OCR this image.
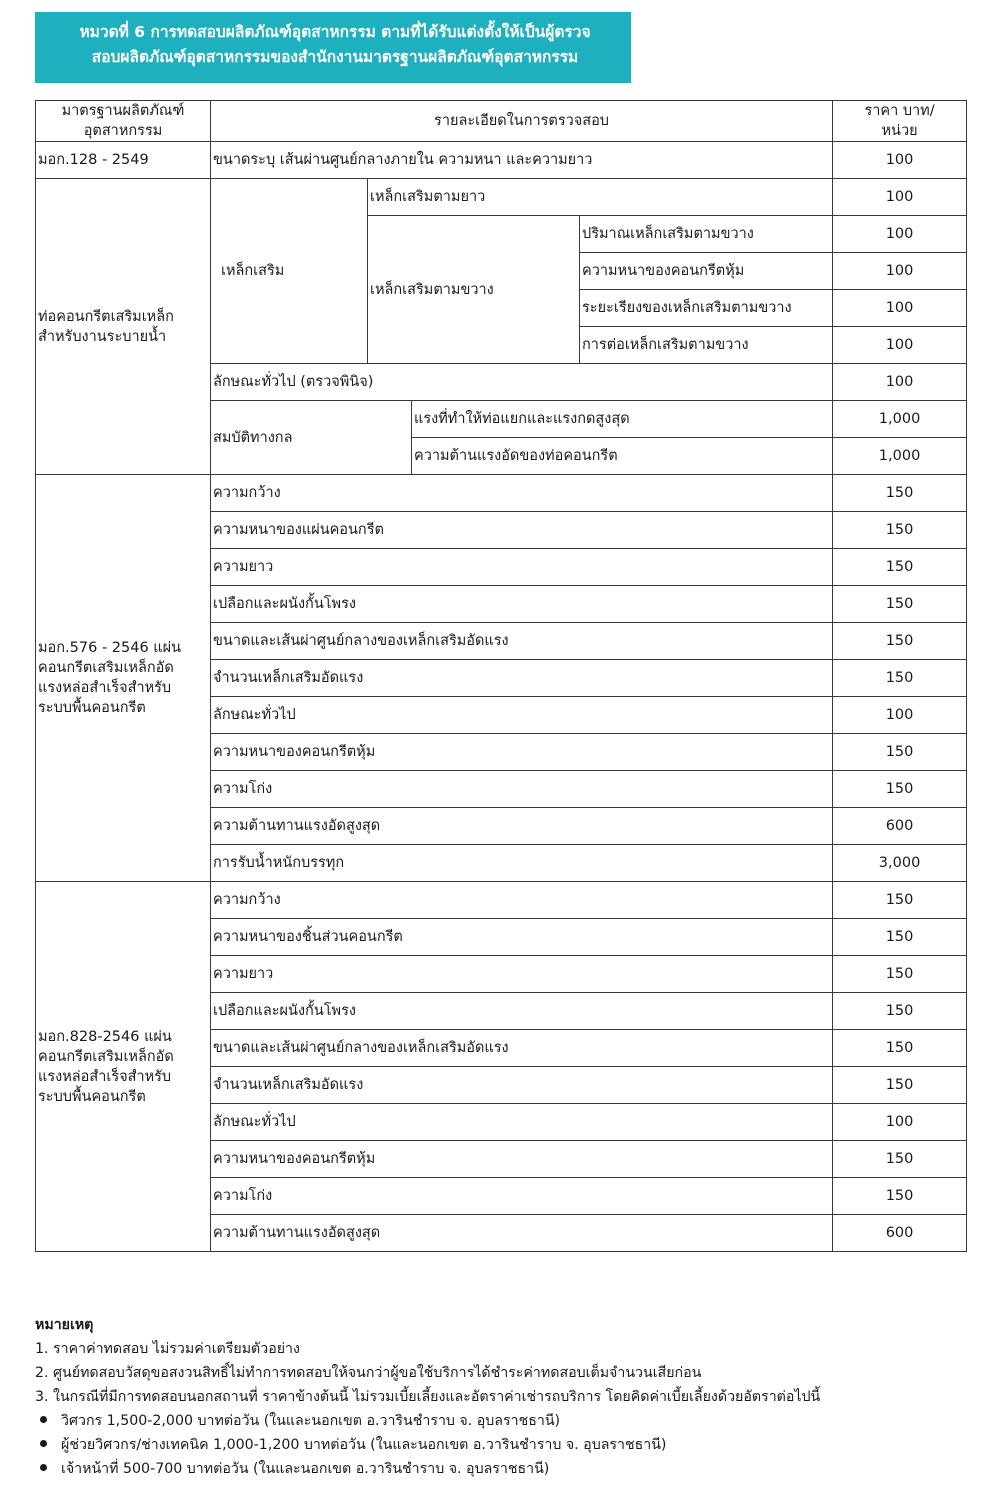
หมวดที่ 6 การทดสอบผลิตภัณฑ์อุตสาหกรรม ตามที่ได้รับแต่งตั้งให้เป็นผู้ตรวจ
สอบผลิตภัณฑ์อุตสาหกรรมของสำนักงานมาตรฐานผลิตภัณฑ์อุตสาหกรรม
มาตรฐานผลิตภัณฑ์ อุตสาหกรรม	รายละเอียดในการตรวจสอบ				ราคา บาท/หน่วย
มอก.128 - 2549	ขนาดระบุ เส้นผ่านศูนย์กลางภายใน ความหนา และความยาว				100
ท่อคอนกรีตเสริมเหล็ก สำหรับงานระบายน้ำ	เหล็กเสริม	เหล็กเสริมตามยาว			100
		เหล็กเสริมตามขวาง		ปริมาณเหล็กเสริมตามขวาง	100
				ความหนาของคอนกรีตหุ้ม	100
				ระยะเรียงของเหล็กเสริมตามขวาง	100
				การต่อเหล็กเสริมตามขวาง	100
	ลักษณะทั่วไป (ตรวจพินิจ)				100
	สมบัติทางกล		แรงที่ทำให้ท่อแยกและแรงกดสูงสุด		1,000
			ความต้านแรงอัดของท่อคอนกรีต		1,000
มอก.576 - 2546 แผ่นคอนกรีตเสริมเหล็กอัดแรงหล่อสำเร็จสำหรับระบบพื้นคอนกรีต	ความกว้าง				150
	ความหนาของแผ่นคอนกรีต				150
	ความยาว				150
	เปลือกและผนังกั้นโพรง				150
	ขนาดและเส้นผ่าศูนย์กลางของเหล็กเสริมอัดแรง				150
	จำนวนเหล็กเสริมอัดแรง				150
	ลักษณะทั่วไป				100
	ความหนาของคอนกรีตหุ้ม				150
	ความโก่ง				150
	ความต้านทานแรงอัดสูงสุด				600
	การรับน้ำหนักบรรทุก				3,000
มอก.828-2546 แผ่นคอนกรีตเสริมเหล็กอัดแรงหล่อสำเร็จสำหรับระบบพื้นคอนกรีต	ความกว้าง				150
	ความหนาของชิ้นส่วนคอนกรีต				150
	ความยาว				150
	เปลือกและผนังกั้นโพรง				150
	ขนาดและเส้นผ่าศูนย์กลางของเหล็กเสริมอัดแรง				150
	จำนวนเหล็กเสริมอัดแรง				150
	ลักษณะทั่วไป				100
	ความหนาของคอนกรีตหุ้ม				150
	ความโก่ง				150
	ความต้านทานแรงอัดสูงสุด				600
หมายเหตุ
1. ราคาค่าทดสอบ ไม่รวมค่าเตรียมตัวอย่าง
2. ศูนย์ทดสอบวัสดุขอสงวนสิทธิ์ไม่ทำการทดสอบให้จนกว่าผู้ขอใช้บริการได้ชำระค่าทดสอบเต็มจำนวนเสียก่อน
3. ในกรณีที่มีการทดสอบนอกสถานที่ ราคาข้างต้นนี้ ไม่รวมเบี้ยเลี้ยงและอัตราค่าเช่ารถบริการ โดยคิดค่าเบี้ยเลี้ยงด้วยอัตราต่อไปนี้
วิศวกร 1,500-2,000 บาทต่อวัน (ในและนอกเขต อ.วารินชำราบ จ. อุบลราชธานี)
ผู้ช่วยวิศวกร/ช่างเทคนิค 1,000-1,200 บาทต่อวัน (ในและนอกเขต อ.วารินชำราบ จ. อุบลราชธานี)
เจ้าหน้าที่ 500-700 บาทต่อวัน (ในและนอกเขต อ.วารินชำราบ จ. อุบลราชธานี)
